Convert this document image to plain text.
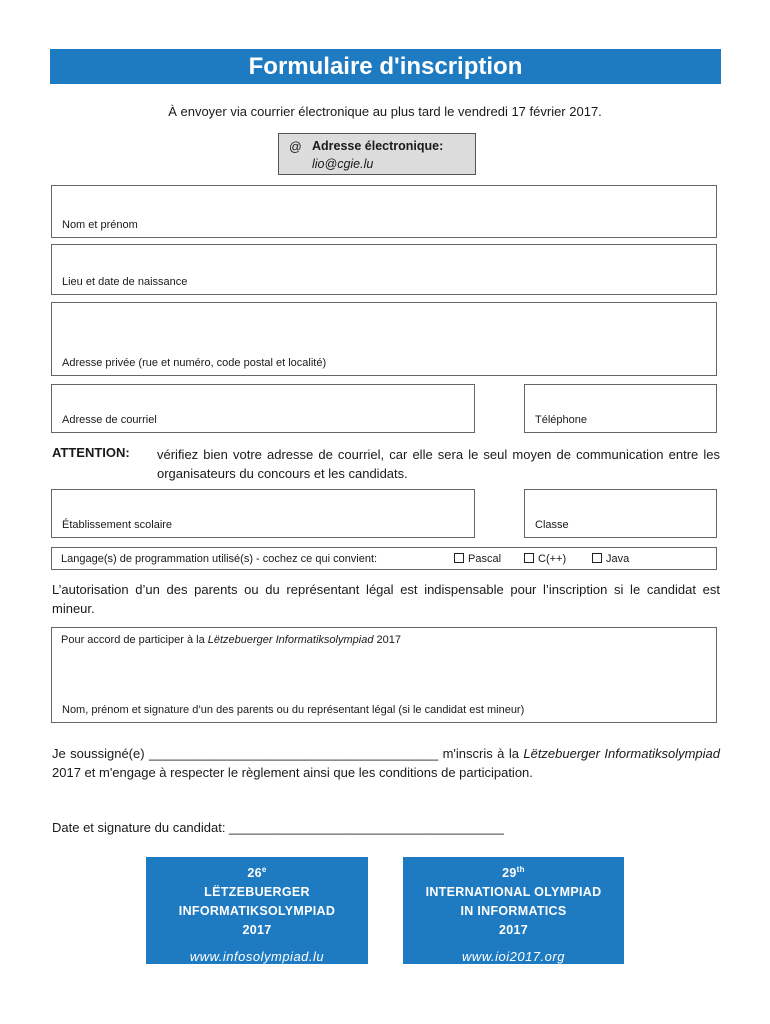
Formulaire d'inscription
À envoyer via courrier électronique au plus tard le vendredi 17 février 2017.
@ Adresse électronique:
lio@cgie.lu
Nom et prénom
Lieu et date de naissance
Adresse privée (rue et numéro, code postal et localité)
Adresse de courriel	Téléphone
ATTENTION: vérifiez bien votre adresse de courriel, car elle sera le seul moyen de communication entre les organisateurs du concours et les candidats.
Établissement scolaire	Classe
Langage(s) de programmation utilisé(s) - cochez ce qui convient:	Pascal	C(++)	Java
L’autorisation d’un des parents ou du représentant légal est indispensable pour l’inscription si le candidat est mineur.
Pour accord de participer à la Lëtzebuerger Informatiksolympiad 2017
Nom, prénom et signature d’un des parents ou du représentant légal (si le candidat est mineur)
Je soussigné(e) ________________________________________ m'inscris à la Lëtzebuerger Informatiksolympiad 2017 et m'engage à respecter le règlement ainsi que les conditions de participation.
Date et signature du candidat: ______________________________________
26e
LËTZEBUERGER
INFORMATIKSOLYMPIAD
2017
www.infosolympiad.lu
29th
INTERNATIONAL OLYMPIAD
IN INFORMATICS
2017
www.ioi2017.org
